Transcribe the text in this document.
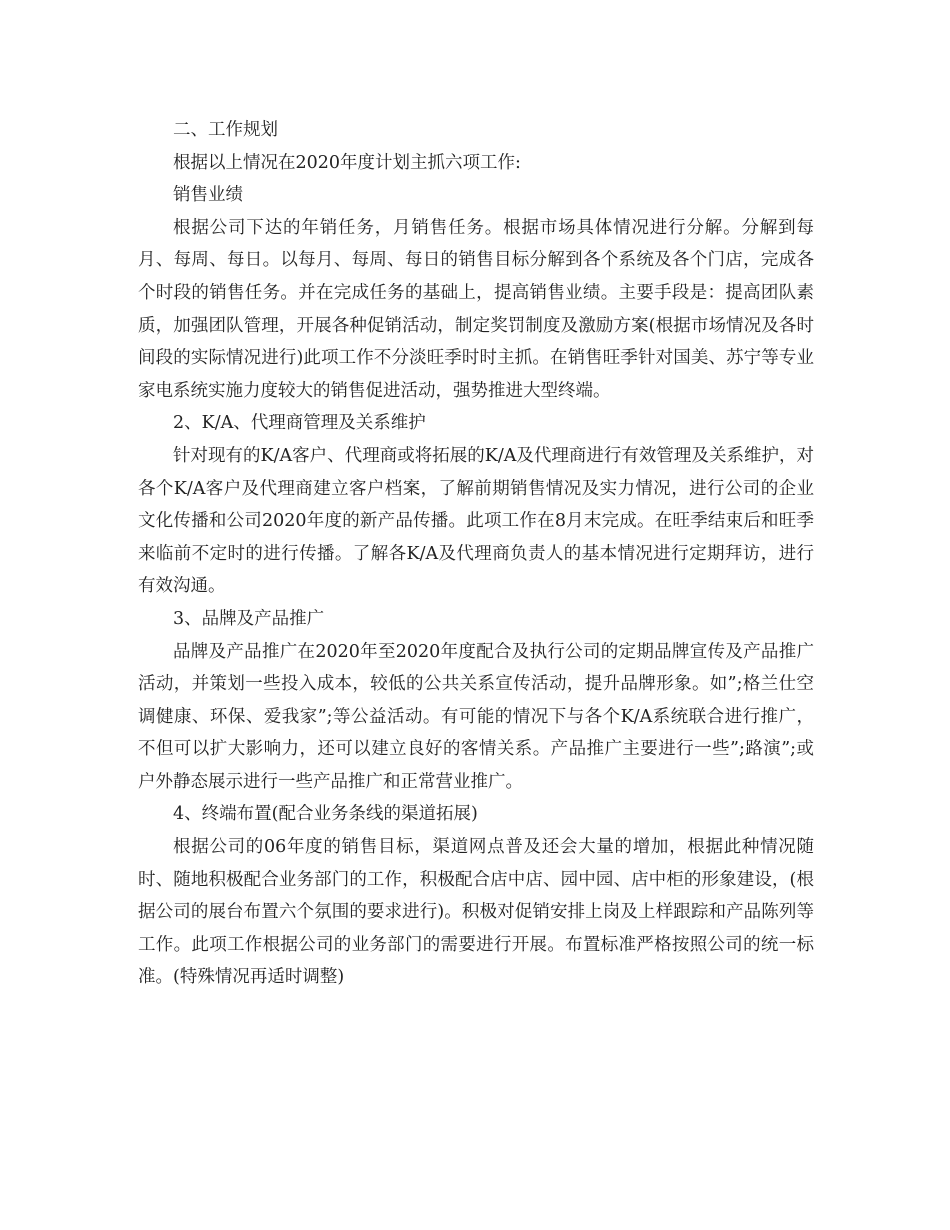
二、工作规划

根据以上情况在2020年度计划主抓六项工作:

销售业绩

根据公司下达的年销任务，月销售任务。根据市场具体情况进行分解。分解到每月、每周、每日。以每月、每周、每日的销售目标分解到各个系统及各个门店，完成各个时段的销售任务。并在完成任务的基础上，提高销售业绩。主要手段是：提高团队素质，加强团队管理，开展各种促销活动，制定奖罚制度及激励方案(根据市场情况及各时间段的实际情况进行)此项工作不分淡旺季时时主抓。在销售旺季针对国美、苏宁等专业家电系统实施力度较大的销售促进活动，强势推进大型终端。

2、K/A、代理商管理及关系维护

针对现有的K/A客户、代理商或将拓展的K/A及代理商进行有效管理及关系维护，对各个K/A客户及代理商建立客户档案，了解前期销售情况及实力情况，进行公司的企业文化传播和公司2020年度的新产品传播。此项工作在8月末完成。在旺季结束后和旺季来临前不定时的进行传播。了解各K/A及代理商负责人的基本情况进行定期拜访，进行有效沟通。

3、品牌及产品推广

品牌及产品推广在2020年至2020年度配合及执行公司的定期品牌宣传及产品推广活动，并策划一些投入成本，较低的公共关系宣传活动，提升品牌形象。如”;格兰仕空调健康、环保、爱我家”;等公益活动。有可能的情况下与各个K/A系统联合进行推广，不但可以扩大影响力，还可以建立良好的客情关系。产品推广主要进行一些”;路演”;或户外静态展示进行一些产品推广和正常营业推广。

4、终端布置(配合业务条线的渠道拓展)

根据公司的06年度的销售目标，渠道网点普及还会大量的增加，根据此种情况随时、随地积极配合业务部门的工作，积极配合店中店、园中园、店中柜的形象建设，(根据公司的展台布置六个氛围的要求进行)。积极对促销安排上岗及上样跟踪和产品陈列等工作。此项工作根据公司的业务部门的需要进行开展。布置标准严格按照公司的统一标准。(特殊情况再适时调整)
